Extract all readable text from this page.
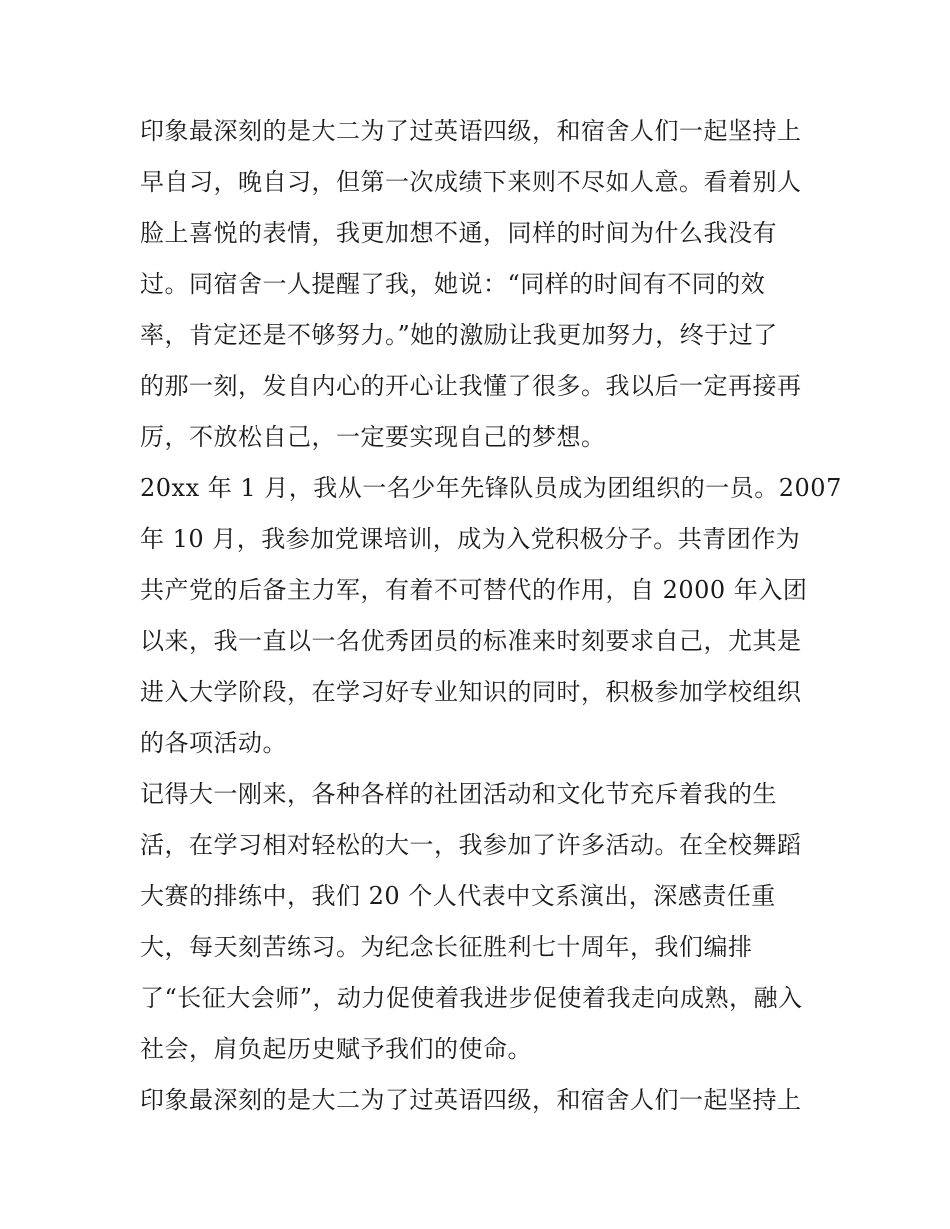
印象最深刻的是大二为了过英语四级，和宿舍人们一起坚持上
早自习，晚自习，但第一次成绩下来则不尽如人意。看着别人
脸上喜悦的表情，我更加想不通，同样的时间为什么我没有
过。同宿舍一人提醒了我，她说：“同样的时间有不同的效
率，肯定还是不够努力。”她的激励让我更加努力，终于过了
的那一刻，发自内心的开心让我懂了很多。我以后一定再接再
厉，不放松自己，一定要实现自己的梦想。
20xx 年 1 月，我从一名少年先锋队员成为团组织的一员。2007
年 10 月，我参加党课培训，成为入党积极分子。共青团作为
共产党的后备主力军，有着不可替代的作用，自 2000 年入团
以来，我一直以一名优秀团员的标准来时刻要求自己，尤其是
进入大学阶段，在学习好专业知识的同时，积极参加学校组织
的各项活动。
记得大一刚来，各种各样的社团活动和文化节充斥着我的生
活，在学习相对轻松的大一，我参加了许多活动。在全校舞蹈
大赛的排练中，我们 20 个人代表中文系演出，深感责任重
大，每天刻苦练习。为纪念长征胜利七十周年，我们编排
了“长征大会师”，动力促使着我进步促使着我走向成熟，融入
社会，肩负起历史赋予我们的使命。
印象最深刻的是大二为了过英语四级，和宿舍人们一起坚持上
